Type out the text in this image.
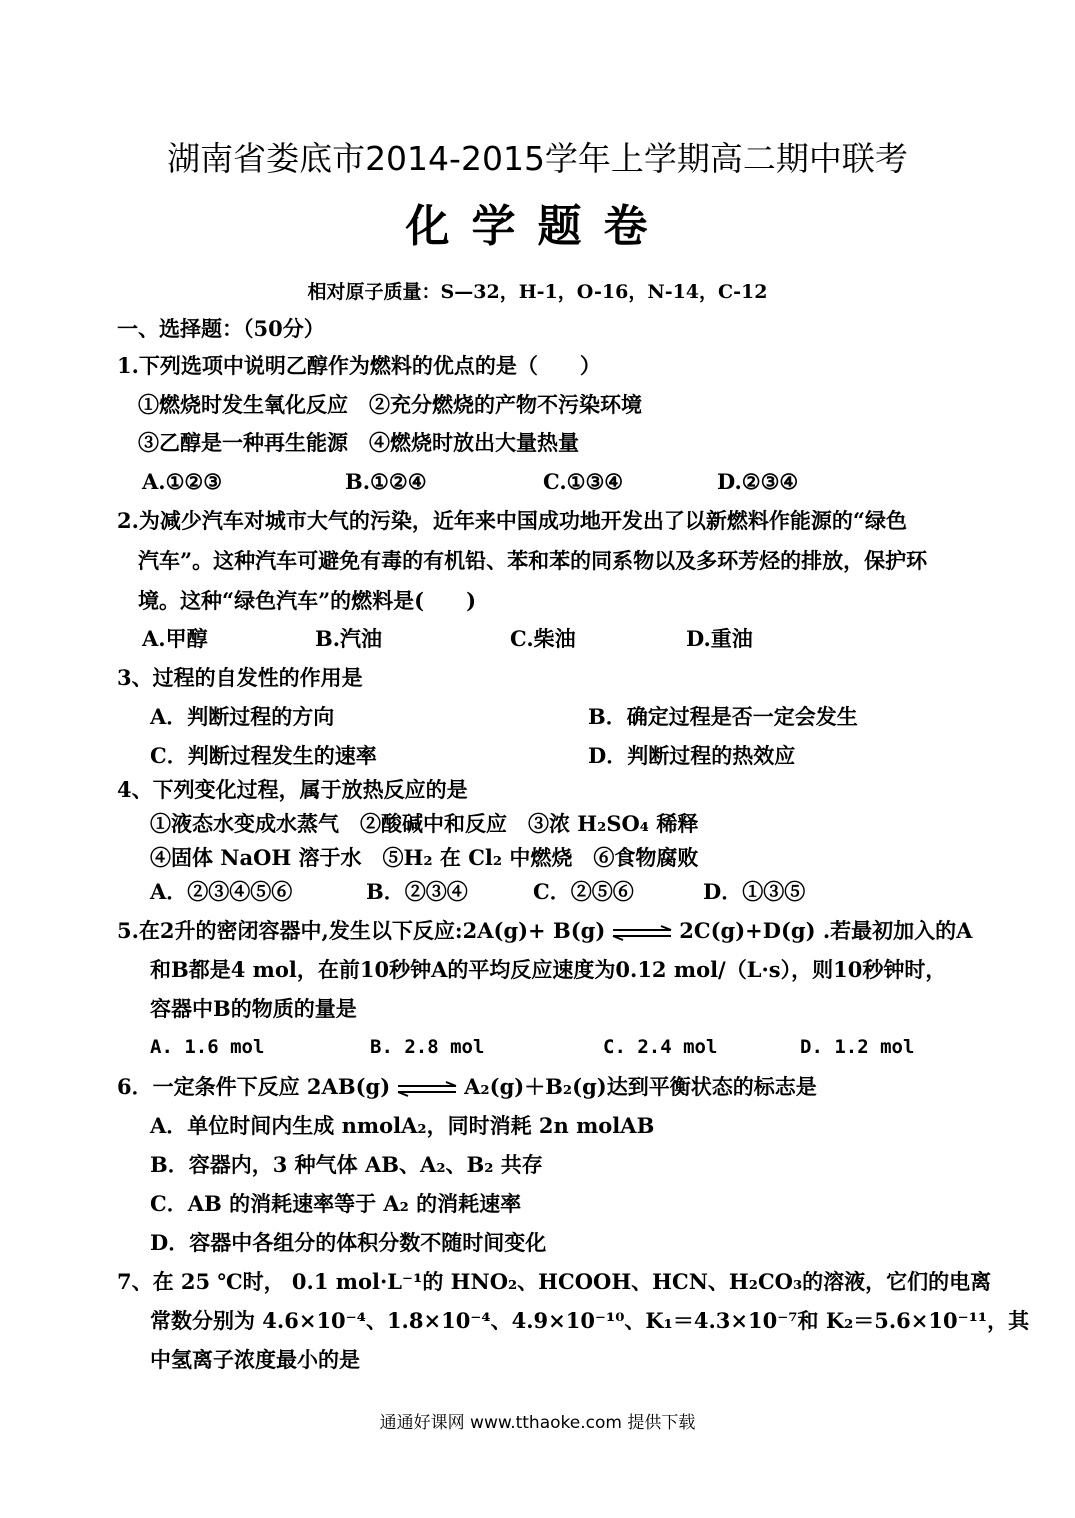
湖南省娄底市2014-2015学年上学期高二期中联考
化学题卷
相对原子质量：S—32，H-1，O-16，N-14，C-12
一、选择题：（50分）
1.下列选项中说明乙醇作为燃料的优点的是（　　）
①燃烧时发生氧化反应　②充分燃烧的产物不污染环境
③乙醇是一种再生能源　④燃烧时放出大量热量
A.①②③	B.①②④	C.①③④	D.②③④
2.为减少汽车对城市大气的污染，近年来中国成功地开发出了以新燃料作能源的“绿色
汽车”。这种汽车可避免有毒的有机铅、苯和苯的同系物以及多环芳烃的排放，保护环
境。这种“绿色汽车”的燃料是(　　)
A.甲醇	B.汽油	C.柴油	D.重油
3、过程的自发性的作用是
A．判断过程的方向	B．确定过程是否一定会发生
C．判断过程发生的速率	D．判断过程的热效应
4、下列变化过程，属于放热反应的是
①液态水变成水蒸气　②酸碱中和反应　③浓 H₂SO₄ 稀释
④固体 NaOH 溶于水　⑤H₂ 在 Cl₂ 中燃烧　⑥食物腐败
A．②③④⑤⑥	B．②③④	C．②⑤⑥	D．①③⑤
5.在2升的密闭容器中,发生以下反应:2A(g)+ B(g) ⇌ 2C(g)+D(g) .若最初加入的A
和B都是4 mol，在前10秒钟A的平均反应速度为0.12 mol/（L·s），则10秒钟时，
容器中B的物质的量是
A. 1.6 mol	B. 2.8 mol	C. 2.4 mol	D. 1.2 mol
6．一定条件下反应 2AB(g) ⇌ A₂(g)＋B₂(g)达到平衡状态的标志是
A．单位时间内生成 nmolA₂，同时消耗 2n molAB
B．容器内，3 种气体 AB、A₂、B₂ 共存
C．AB 的消耗速率等于 A₂ 的消耗速率
D．容器中各组分的体积分数不随时间变化
7、在 25 ℃时， 0.1 mol·L⁻¹的 HNO₂、HCOOH、HCN、H₂CO₃的溶液，它们的电离
常数分别为 4.6×10⁻⁴、1.8×10⁻⁴、4.9×10⁻¹⁰、K₁＝4.3×10⁻⁷和 K₂＝5.6×10⁻¹¹，其
中氢离子浓度最小的是
通通好课网 www.tthaoke.com 提供下载
